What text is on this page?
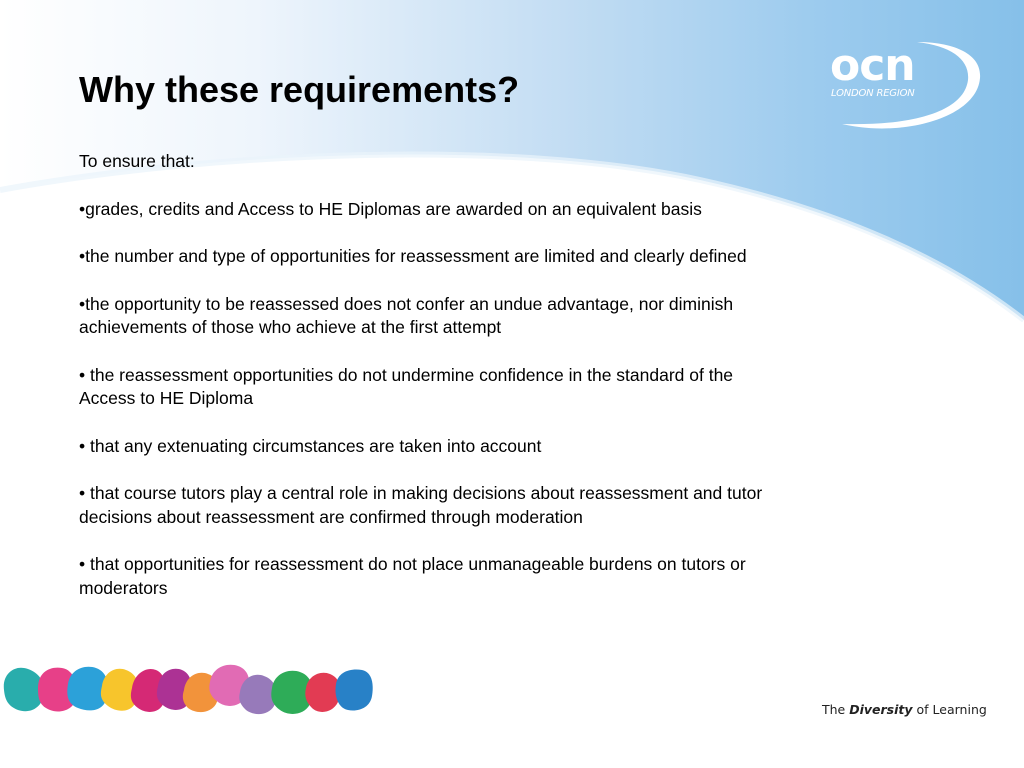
ocn
LONDON REGION
Why these requirements?

To ensure that:

•grades, credits and Access to HE Diplomas are awarded on an equivalent basis

•the number and type of opportunities for reassessment are limited and clearly defined

•the opportunity to be reassessed does not confer an undue advantage, nor diminish achievements of those who achieve at the first attempt

• the reassessment opportunities do not undermine confidence in the standard of the Access to HE Diploma

• that any extenuating circumstances are taken into account

• that course tutors play a central role in making decisions about reassessment and tutor decisions about reassessment are confirmed through moderation

• that opportunities for reassessment do not place unmanageable burdens on tutors or moderators

The Diversity of Learning
